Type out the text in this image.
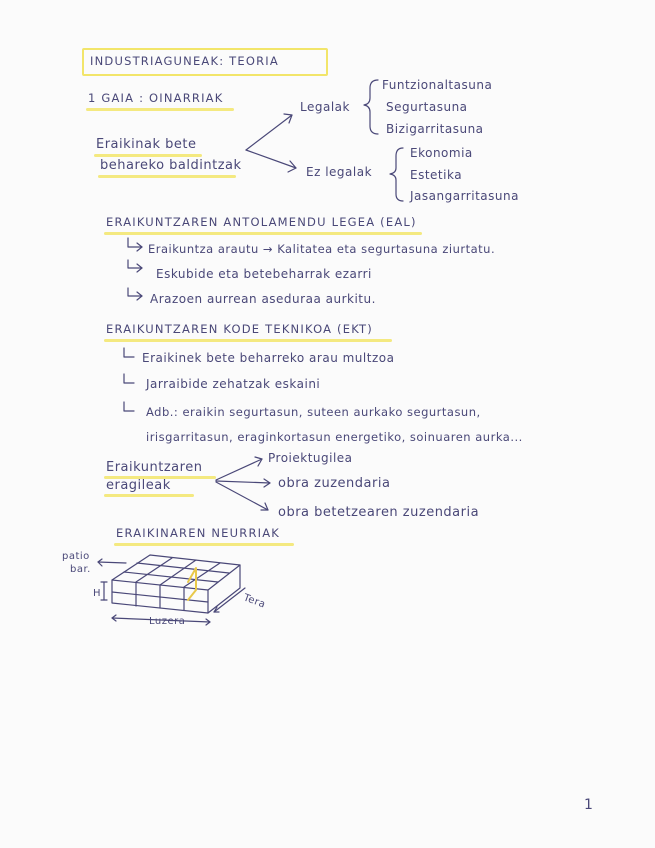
INDUSTRIAGUNEAK: TEORIA
1 GAIA : OINARRIAK
Eraikinak bete
behareko baldintzak
Legalak
Funtzionaltasuna
Segurtasuna
Bizigarritasuna
Ez legalak
Ekonomia
Estetika
Jasangarritasuna
ERAIKUNTZAREN ANTOLAMENDU LEGEA (EAL)
Eraikuntza arautu → Kalitatea eta segurtasuna ziurtatu.
Eskubide eta betebeharrak ezarri
Arazoen aurrean aseduraa aurkitu.
ERAIKUNTZAREN KODE TEKNIKOA (EKT)
Eraikinek bete beharreko arau multzoa
Jarraibide zehatzak eskaini
Adb.: eraikin segurtasun, suteen aurkako segurtasun,
irisgarritasun, eraginkortasun energetiko, soinuaren aurka...
Eraikuntzaren
eragileak
Proiektugilea
obra zuzendaria
obra betetzearen zuzendaria
ERAIKINAREN NEURRIAK
patio
bar.
H
Luzera
Tera
1
